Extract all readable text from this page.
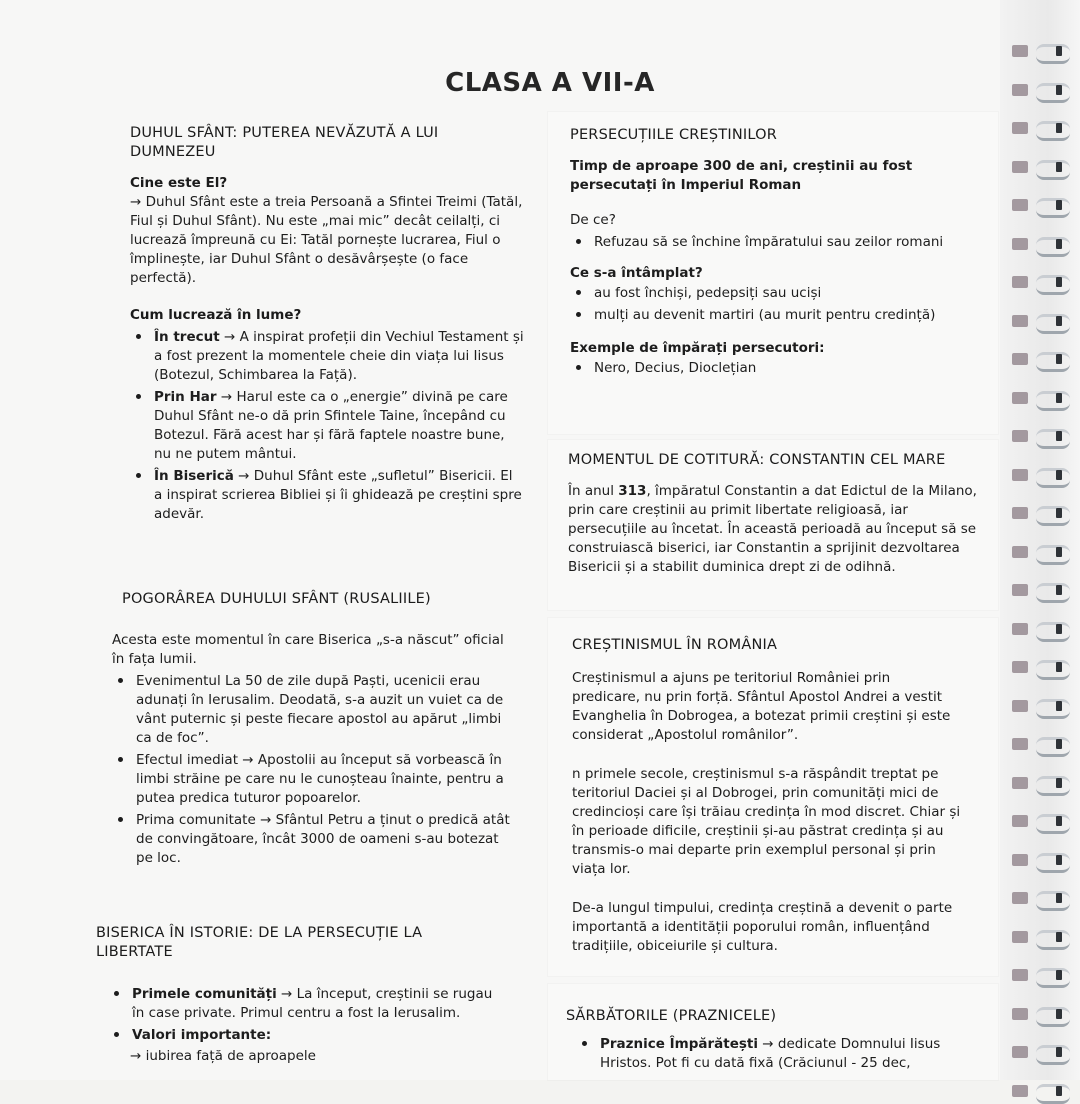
CLASA A VII-A
DUHUL SFÂNT: PUTEREA NEVĂZUTĂ A LUI DUMNEZEU
Cine este El?

→ Duhul Sfânt este a treia Persoană a Sfintei Treimi (Tatăl, Fiul și Duhul Sfânt). Nu este „mai mic” decât ceilalți, ci lucrează împreună cu Ei: Tatăl pornește lucrarea, Fiul o împlinește, iar Duhul Sfânt o desăvârșește (o face perfectă).

Cum lucrează în lume?
• În trecut → A inspirat profeții din Vechiul Testament și a fost prezent la momentele cheie din viața lui Iisus (Botezul, Schimbarea la Față).
• Prin Har → Harul este ca o „energie” divină pe care Duhul Sfânt ne-o dă prin Sfintele Taine, începând cu Botezul. Fără acest har și fără faptele noastre bune, nu ne putem mântui.
• În Biserică → Duhul Sfânt este „sufletul” Bisericii. El a inspirat scrierea Bibliei și îi ghidează pe creștini spre adevăr.
POGORÂREA DUHULUI SFÂNT (RUSALIILE)

Acesta este momentul în care Biserica „s-a născut” oficial în fața lumii.

• Evenimentul La 50 de zile după Paști, ucenicii erau adunați în Ierusalim. Deodată, s-a auzit un vuiet ca de vânt puternic și peste fiecare apostol au apărut „limbi ca de foc”.
• Efectul imediat → Apostolii au început să vorbească în limbi străine pe care nu le cunoșteau înainte, pentru a putea predica tuturor popoarelor.
• Prima comunitate → Sfântul Petru a ținut o predică atât de convingătoare, încât 3000 de oameni s-au botezat pe loc.
BISERICA ÎN ISTORIE: DE LA PERSECUȚIE LA LIBERTATE
• Primele comunități → La început, creștinii se rugau în case private. Primul centru a fost la Ierusalim.
• Valori importante:
→ iubirea față de aproapele
PERSECUȚIILE CREȘTINILOR

Timp de aproape 300 de ani, creștinii au fost persecutați în Imperiul Roman

De ce?
• Refuzau să se închine împăratului sau zeilor romani
Ce s-a întâmplat?
• au fost închiși, pedepsiți sau uciși
• mulți au devenit martiri (au murit pentru credință)
Exemple de împărați persecutori:
• Nero, Decius, Dioclețian
MOMENTUL DE COTITURĂ: CONSTANTIN CEL MARE

În anul 313, împăratul Constantin a dat Edictul de la Milano, prin care creștinii au primit libertate religioasă, iar persecuțiile au încetat. În această perioadă au început să se construiască biserici, iar Constantin a sprijinit dezvoltarea Bisericii și a stabilit duminica drept zi de odihnă.

CREȘTINISMUL ÎN ROMÂNIA

Creștinismul a ajuns pe teritoriul României prin predicare, nu prin forță. Sfântul Apostol Andrei a vestit Evanghelia în Dobrogea, a botezat primii creștini și este considerat „Apostolul românilor”.

n primele secole, creștinismul s-a răspândit treptat pe teritoriul Daciei și al Dobrogei, prin comunități mici de credincioși care își trăiau credința în mod discret. Chiar și în perioade dificile, creștinii și-au păstrat credința și au transmis-o mai departe prin exemplul personal și prin viața lor.

De-a lungul timpului, credința creștină a devenit o parte importantă a identității poporului român, influențând tradițiile, obiceiurile și cultura.

SĂRBĂTORILE (PRAZNICELE)
• Praznice Împărătești → dedicate Domnului Iisus Hristos. Pot fi cu dată fixă (Crăciunul - 25 dec,
